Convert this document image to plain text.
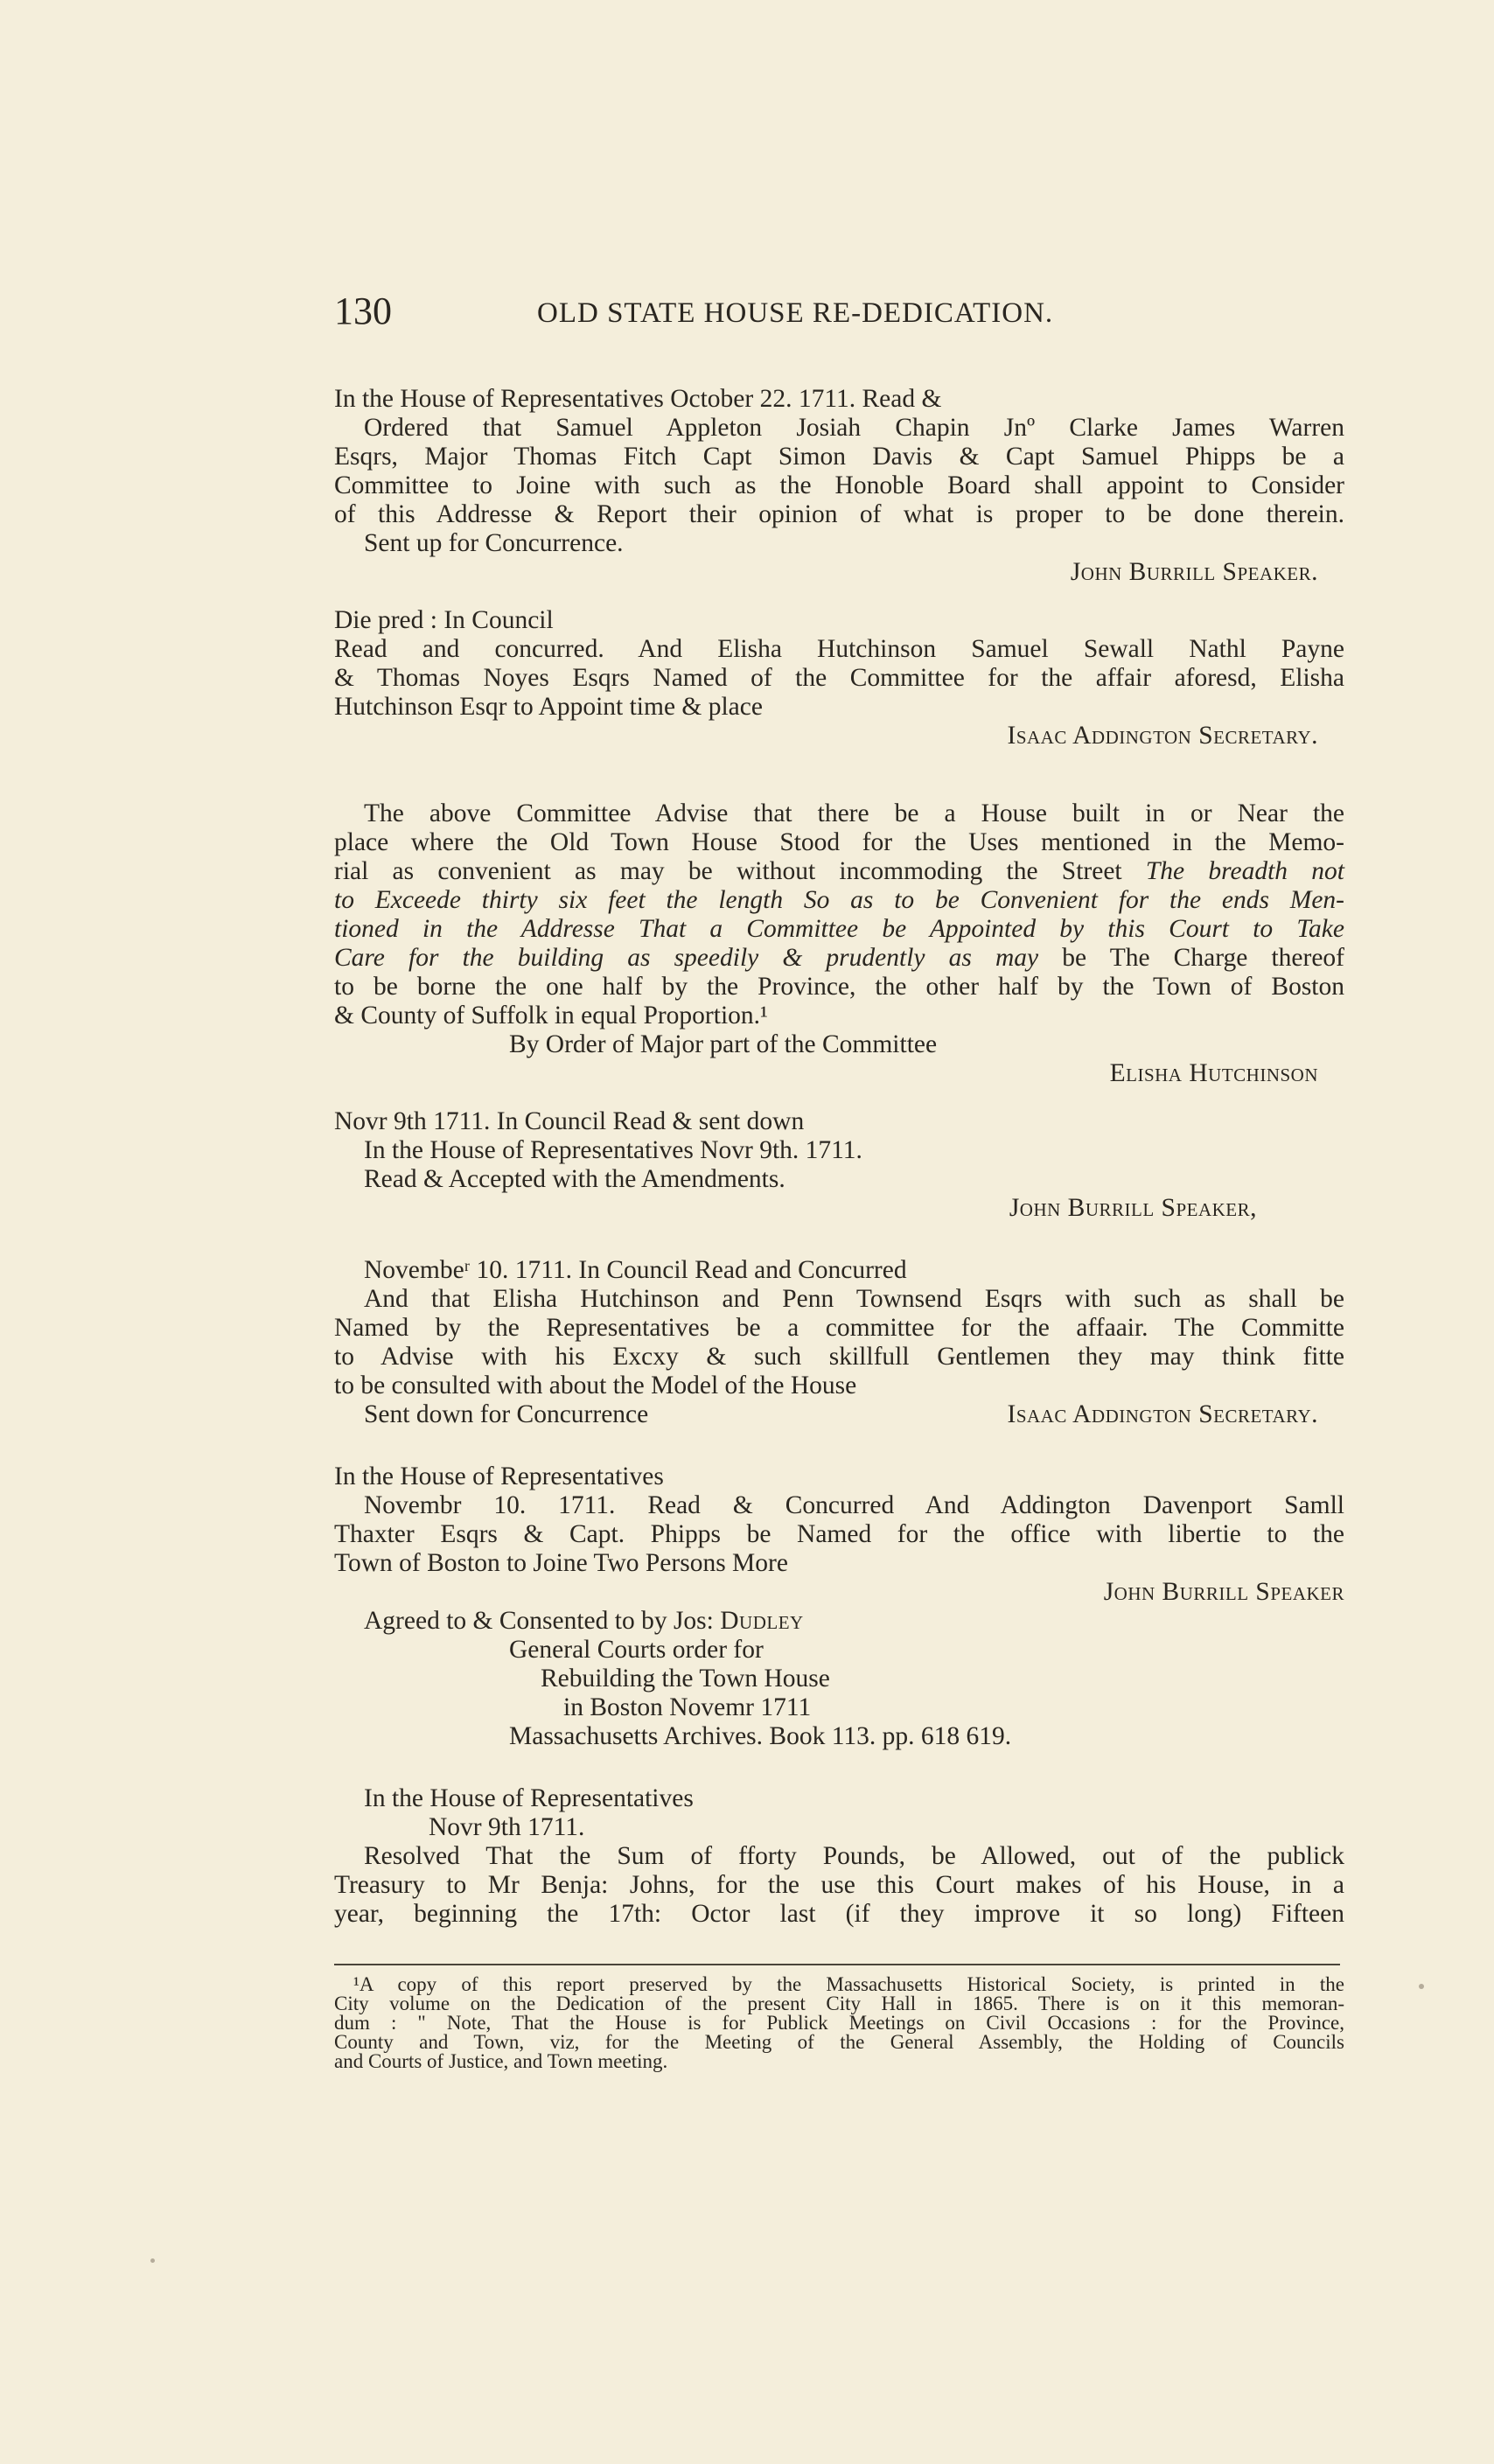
130	OLD STATE HOUSE RE-DEDICATION.
In the House of Representatives October 22. 1711. Read &
Ordered that Samuel Appleton Josiah Chapin Jnº Clarke James Warren
Esqrs, Major Thomas Fitch Capt Simon Davis & Capt Samuel Phipps be a
Committee to Joine with such as the Honoble Board shall appoint to Consider
of this Addresse & Report their opinion of what is proper to be done therein.
Sent up for Concurrence.
John Burrill Speaker.
Die pred : In Council
Read and concurred. And Elisha Hutchinson Samuel Sewall Nathl Payne
& Thomas Noyes Esqrs Named of the Committee for the affair aforesd, Elisha
Hutchinson Esqr to Appoint time & place
Isaac Addington Secretary.
The above Committee Advise that there be a House built in or Near the
place where the Old Town House Stood for the Uses mentioned in the Memo-
rial as convenient as may be without incommoding the Street The breadth not
to Exceede thirty six feet the length So as to be Convenient for the ends Men-
tioned in the Addresse That a Committee be Appointed by this Court to Take
Care for the building as speedily & prudently as may be The Charge thereof
to be borne the one half by the Province, the other half by the Town of Boston
& County of Suffolk in equal Proportion.¹
By Order of Major part of the Committee
Elisha Hutchinson
Novr 9th 1711. In Council Read & sent down
In the House of Representatives Novr 9th. 1711.
Read & Accepted with the Amendments.
John Burrill Speaker,
Novembeʳ 10. 1711. In Council Read and Concurred
And that Elisha Hutchinson and Penn Townsend Esqrs with such as shall be
Named by the Representatives be a committee for the affaair. The Committe
to Advise with his Excxy & such skillfull Gentlemen they may think fitte
to be consulted with about the Model of the House
Sent down for Concurrence	Isaac Addington Secretary.
In the House of Representatives
Novembr 10. 1711. Read & Concurred And Addington Davenport Samll
Thaxter Esqrs & Capt. Phipps be Named for the office with libertie to the
Town of Boston to Joine Two Persons More
John Burrill Speaker
Agreed to & Consented to by Jos: Dudley
General Courts order for
Rebuilding the Town House
in Boston Novemr 1711
Massachusetts Archives. Book 113. pp. 618 619.
In the House of Representatives
Novr 9th 1711.
Resolved That the Sum of fforty Pounds, be Allowed, out of the publick
Treasury to Mr Benja: Johns, for the use this Court makes of his House, in a
year, beginning the 17th: Octor last (if they improve it so long) Fifteen
¹A copy of this report preserved by the Massachusetts Historical Society, is printed in the
City volume on the Dedication of the present City Hall in 1865. There is on it this memoran-
dum : " Note, That the House is for Publick Meetings on Civil Occasions : for the Province,
County and Town, viz, for the Meeting of the General Assembly, the Holding of Councils
and Courts of Justice, and Town meeting.
